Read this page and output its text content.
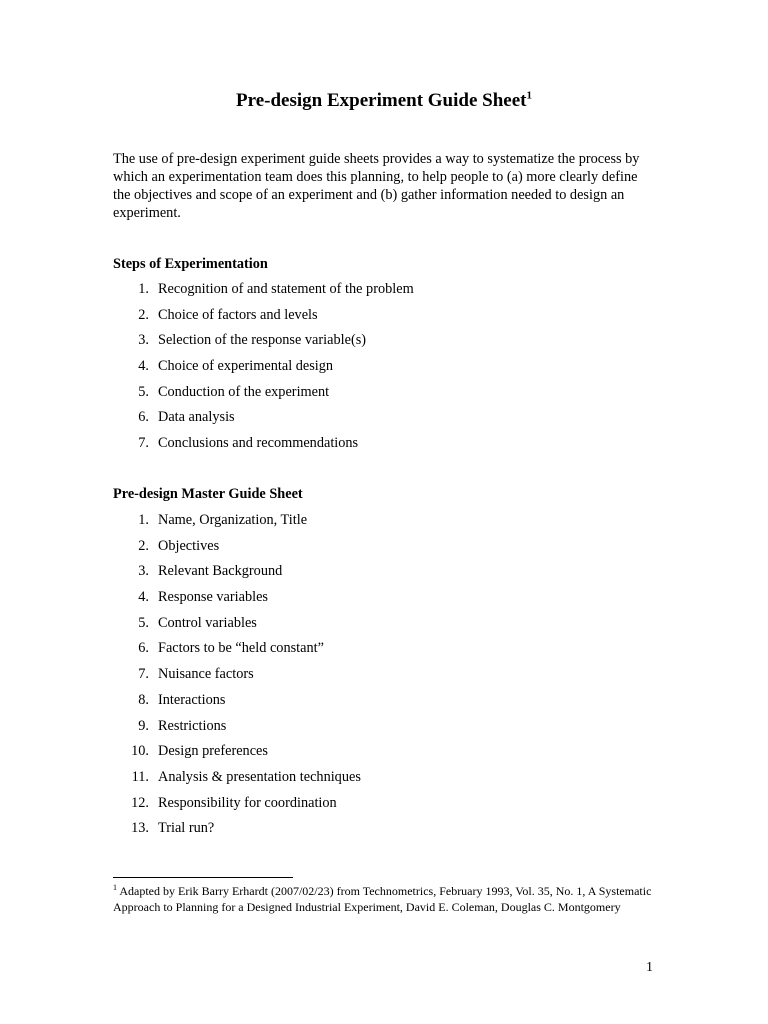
Pre-design Experiment Guide Sheet$^1$

The use of pre-design experiment guide sheets provides a way to systematize the process by which an experimentation team does this planning, to help people to (a) more clearly define the objectives and scope of an experiment and (b) gather information needed to design an experiment.

Steps of Experimentation

1. Recognition of and statement of the problem
2. Choice of factors and levels
3. Selection of the response variable(s)
4. Choice of experimental design
5. Conduction of the experiment
6. Data analysis
7. Conclusions and recommendations

Pre-design Master Guide Sheet

1. Name, Organization, Title
2. Objectives
3. Relevant Background
4. Response variables
5. Control variables
6. Factors to be “held constant”
7. Nuisance factors
8. Interactions
9. Restrictions
10. Design preferences
11. Analysis & presentation techniques
12. Responsibility for coordination
13. Trial run?

$^1$ Adapted by Erik Barry Erhardt (2007/02/23) from Technometrics, February 1993, Vol. 35, No. 1, A Systematic Approach to Planning for a Designed Industrial Experiment, David E. Coleman, Douglas C. Montgomery

1
